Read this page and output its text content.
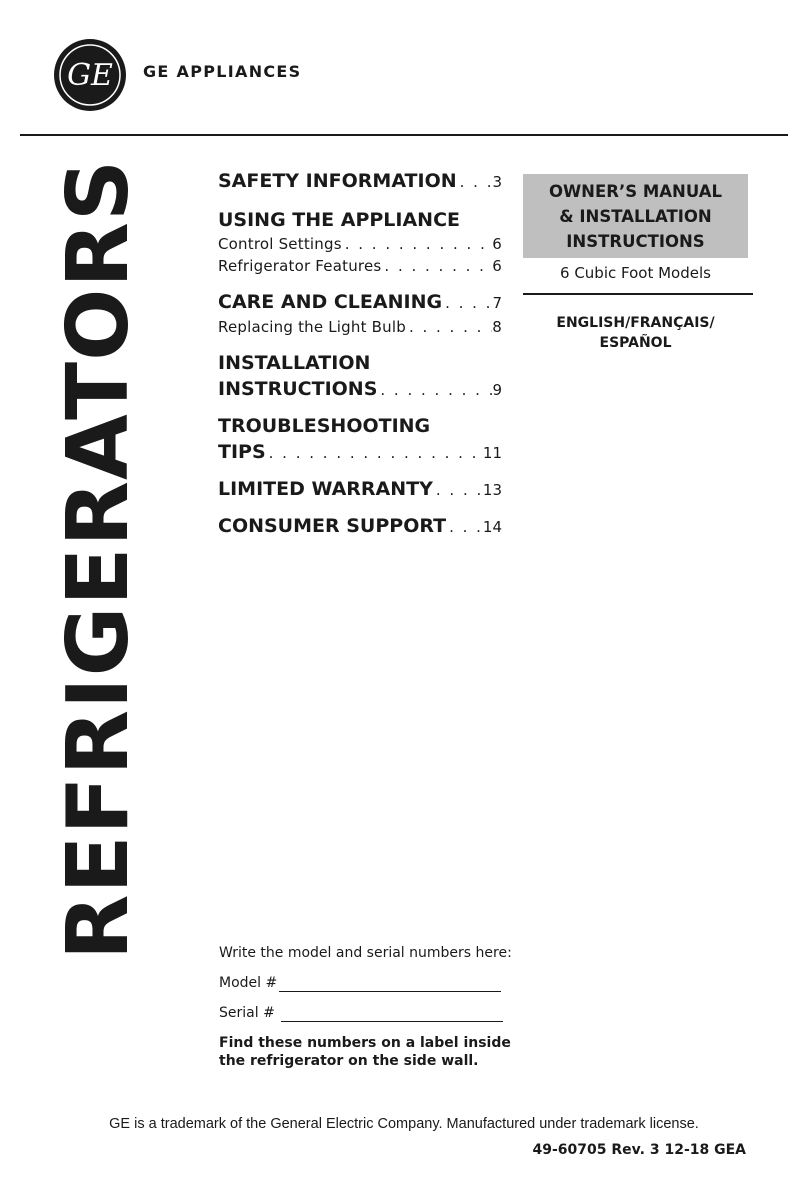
GE GE APPLIANCES
REFRIGERATORS	SAFETY INFORMATION . . . 3
USING THE APPLIANCE
Control Settings . . .	6
Refrigerator Features . . .	6
CARE AND CLEANING . . .	7
Replacing the Light Bulb . . .	8
INSTALLATION
INSTRUCTIONS . . .	9
TROUBLESHOOTING
TIPS . . .	11
LIMITED WARRANTY . . .	13
CONSUMER SUPPORT . . . 14
OWNER’S MANUAL
& INSTALLATION
INSTRUCTIONS
6 Cubic Foot Models
ENGLISH/FRANÇAIS/
ESPAÑOL
Write the model and serial numbers here:
Model #
Serial #
Find these numbers on a label inside the refrigerator on the side wall.
GE is a trademark of the General Electric Company. Manufactured under trademark license.
49-60705 Rev. 3 12-18 GEA
